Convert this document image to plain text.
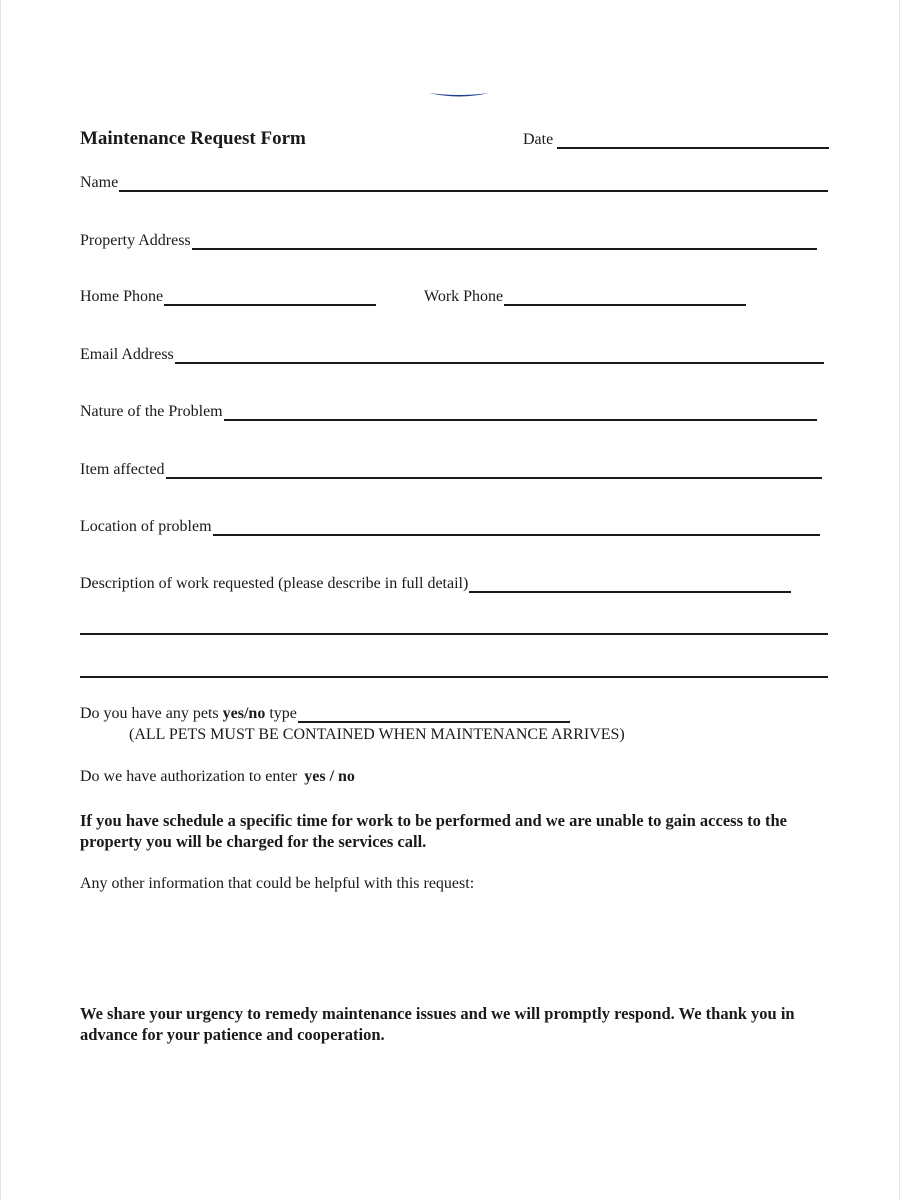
Maintenance Request Form	Date
Name
Property Address
Home Phone	Work Phone
Email Address
Nature of the Problem
Item affected
Location of problem
Description of work requested (please describe in full detail)
Do you have any pets yes/no type
(ALL PETS MUST BE CONTAINED WHEN MAINTENANCE ARRIVES)
Do we have authorization to enter yes / no
If you have schedule a specific time for work to be performed and we are unable to gain access to the property you will be charged for the services call.
Any other information that could be helpful with this request:
We share your urgency to remedy maintenance issues and we will promptly respond. We thank you in advance for your patience and cooperation.
